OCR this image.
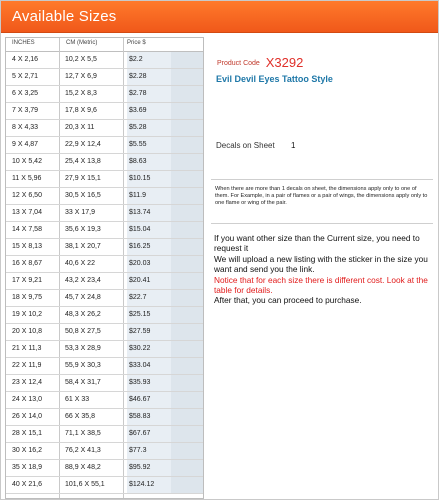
Available Sizes
INCHES	CM (Metric)	Price $
4 X 2,16	10,2 X 5,5	$2.2
5 X 2,71	12,7 X 6,9	$2.28
6 X 3,25	15,2 X 8,3	$2.78
7 X 3,79	17,8 X 9,6	$3.69
8 X 4,33	20,3 X 11	$5.28
9 X 4,87	22,9 X 12,4	$5.55
10 X 5,42	25,4 X 13,8	$8.63
11 X 5,96	27,9 X 15,1	$10.15
12 X 6,50	30,5 X 16,5	$11.9
13 X 7,04	33 X 17,9	$13.74
14 X 7,58	35,6 X 19,3	$15.04
15 X 8,13	38,1 X 20,7	$16.25
16 X 8,67	40,6 X 22	$20.03
17 X 9,21	43,2 X 23,4	$20.41
18 X 9,75	45,7 X 24,8	$22.7
19 X 10,2	48,3 X 26,2	$25.15
20 X 10,8	50,8 X 27,5	$27.59
21 X 11,3	53,3 X 28,9	$30.22
22 X 11,9	55,9 X 30,3	$33.04
23 X 12,4	58,4 X 31,7	$35.93
24 X 13,0	61 X 33	$46.67
26 X 14,0	66 X 35,8	$58.83
28 X 15,1	71,1 X 38,5	$67.67
30 X 16,2	76,2 X 41,3	$77.3
35 X 18,9	88,9 X 48,2	$95.92
40 X 21,6	101,6 X 55,1	$124.12
Product Code X3292
Evil Devil Eyes Tattoo Style
Decals on Sheet 1
When there are more than 1 decals on sheet, the dimensions apply only to one of them. For Example, in a pair of flames or a pair of wings, the dimensions apply only to one flame or wing of the pair.
If you want other size than the Current size, you need to request it
We will upload a new listing with the sticker in the size you want and send you the link.
Notice that for each size there is different cost. Look at the table for details.
After that, you can proceed to purchase.
